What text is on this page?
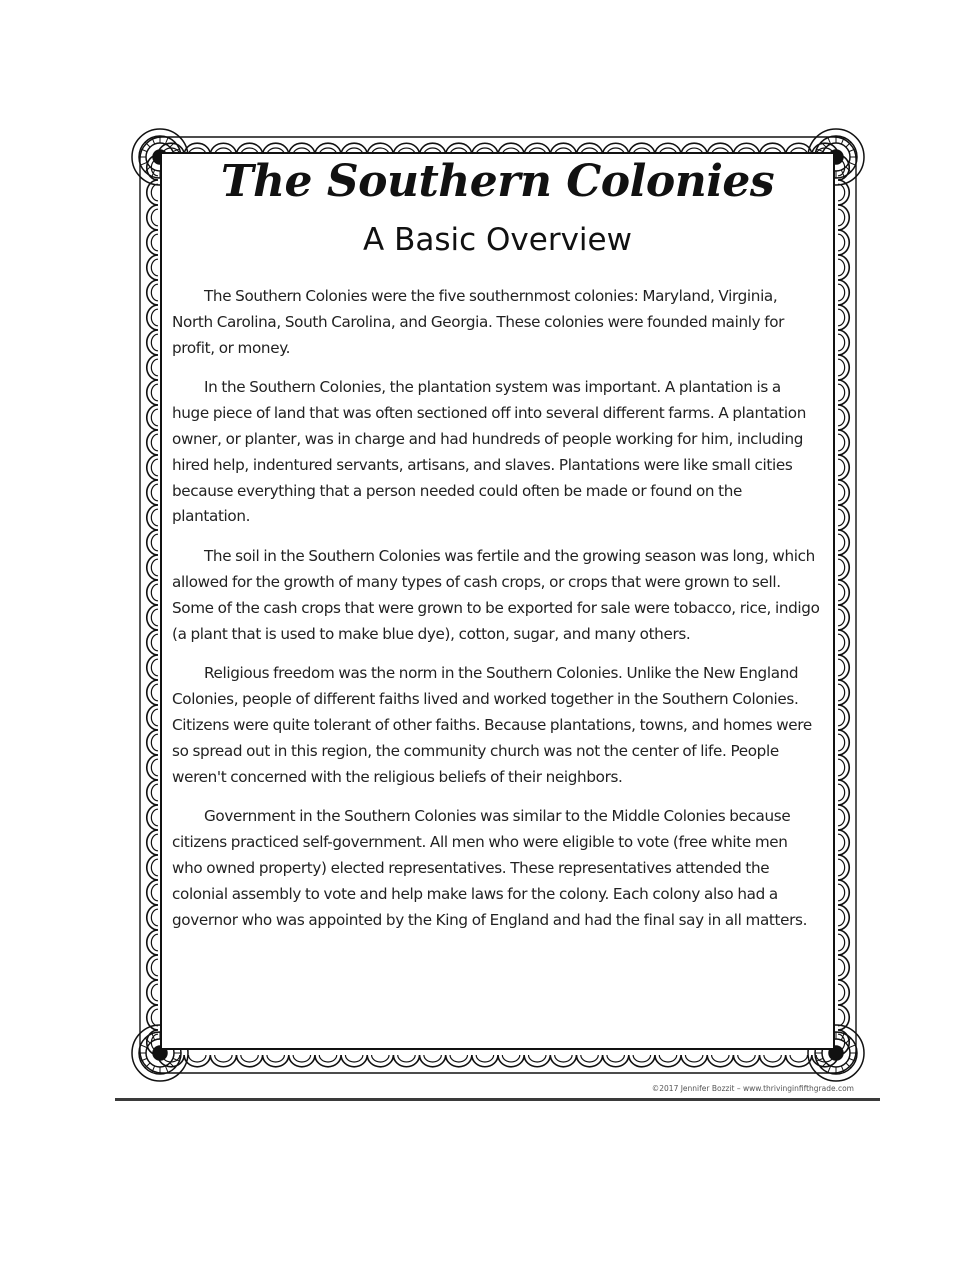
The Southern Colonies
A Basic Overview

The Southern Colonies were the five southernmost colonies: Maryland, Virginia, North Carolina, South Carolina, and Georgia. These colonies were founded mainly for profit, or money.

In the Southern Colonies, the plantation system was important. A plantation is a huge piece of land that was often sectioned off into several different farms. A plantation owner, or planter, was in charge and had hundreds of people working for him, including hired help, indentured servants, artisans, and slaves. Plantations were like small cities because everything that a person needed could often be made or found on the plantation.

The soil in the Southern Colonies was fertile and the growing season was long, which allowed for the growth of many types of cash crops, or crops that were grown to sell. Some of the cash crops that were grown to be exported for sale were tobacco, rice, indigo (a plant that is used to make blue dye), cotton, sugar, and many others.

Religious freedom was the norm in the Southern Colonies. Unlike the New England Colonies, people of different faiths lived and worked together in the Southern Colonies. Citizens were quite tolerant of other faiths. Because plantations, towns, and homes were so spread out in this region, the community church was not the center of life. People weren't concerned with the religious beliefs of their neighbors.

Government in the Southern Colonies was similar to the Middle Colonies because citizens practiced self-government. All men who were eligible to vote (free white men who owned property) elected representatives. These representatives attended the colonial assembly to vote and help make laws for the colony. Each colony also had a governor who was appointed by the King of England and had the final say in all matters.

©2017 Jennifer Bozzit – www.thrivinginfifthgrade.com
